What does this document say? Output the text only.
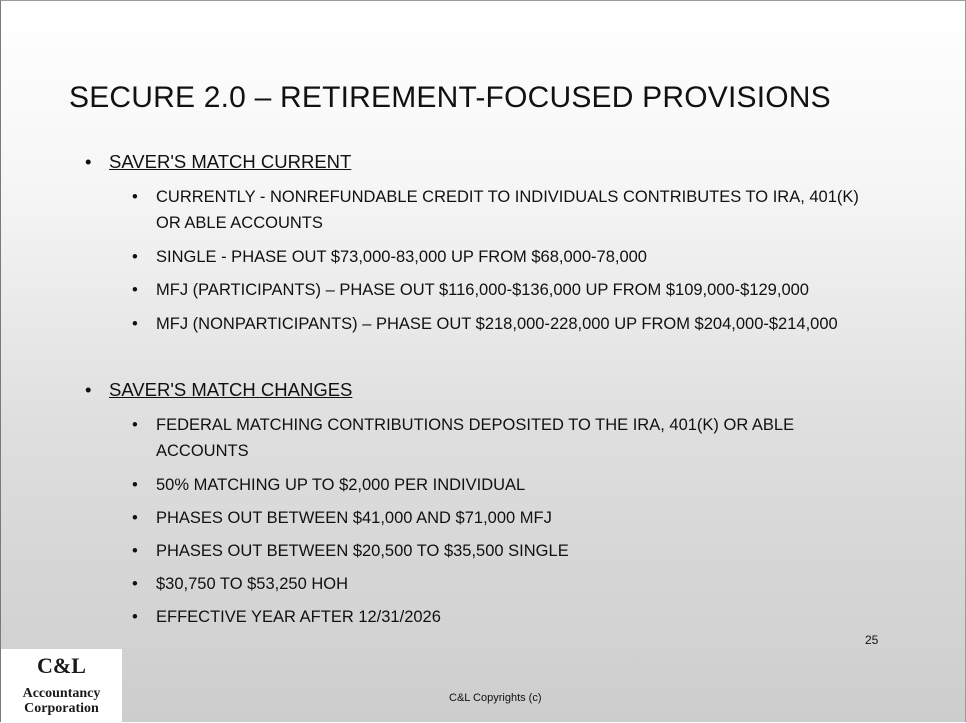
SECURE 2.0 – RETIREMENT-FOCUSED PROVISIONS
• SAVER'S MATCH CURRENT
• CURRENTLY - NONREFUNDABLE CREDIT TO INDIVIDUALS CONTRIBUTES TO IRA, 401(K) OR ABLE ACCOUNTS
• SINGLE - PHASE OUT $73,000-83,000 UP FROM $68,000-78,000
• MFJ (PARTICIPANTS) – PHASE OUT $116,000-$136,000 UP FROM $109,000-$129,000
• MFJ (NONPARTICIPANTS) – PHASE OUT $218,000-228,000 UP FROM $204,000-$214,000
• SAVER'S MATCH CHANGES
• FEDERAL MATCHING CONTRIBUTIONS DEPOSITED TO THE IRA, 401(K) OR ABLE ACCOUNTS
• 50% MATCHING UP TO $2,000 PER INDIVIDUAL
• PHASES OUT BETWEEN $41,000 AND $71,000 MFJ
• PHASES OUT BETWEEN $20,500 TO $35,500 SINGLE
• $30,750 TO $53,250 HOH
• EFFECTIVE YEAR AFTER 12/31/2026
25
C&L Copyrights (c)
C&L
Accountancy
Corporation
